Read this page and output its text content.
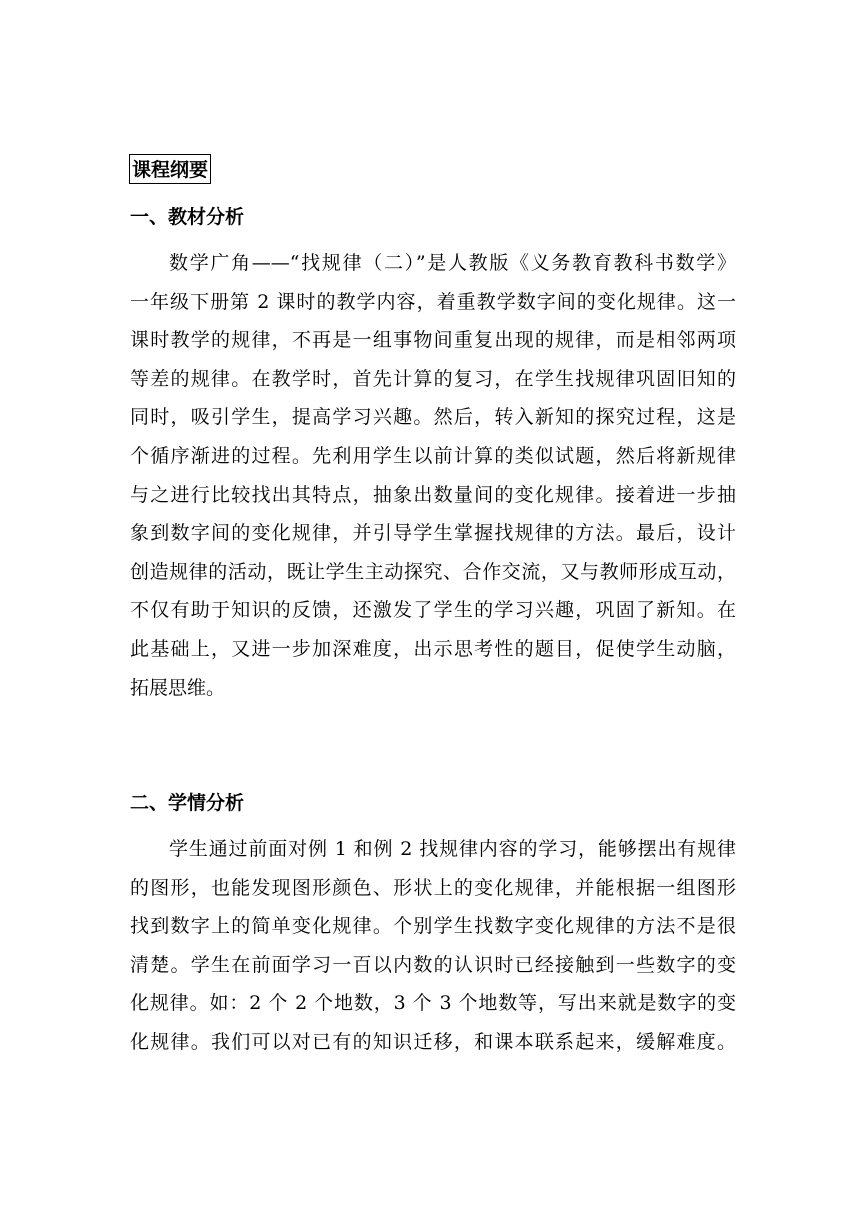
课程纲要
一、教材分析
数学广角——“找规律（二）”是人教版《义务教育教科书数学》
一年级下册第 2 课时的教学内容，着重教学数字间的变化规律。这一
课时教学的规律，不再是一组事物间重复出现的规律，而是相邻两项
等差的规律。在教学时，首先计算的复习，在学生找规律巩固旧知的
同时，吸引学生，提高学习兴趣。然后，转入新知的探究过程，这是
个循序渐进的过程。先利用学生以前计算的类似试题，然后将新规律
与之进行比较找出其特点，抽象出数量间的变化规律。接着进一步抽
象到数字间的变化规律，并引导学生掌握找规律的方法。最后，设计
创造规律的活动，既让学生主动探究、合作交流，又与教师形成互动，
不仅有助于知识的反馈，还激发了学生的学习兴趣，巩固了新知。在
此基础上，又进一步加深难度，出示思考性的题目，促使学生动脑，
拓展思维。
二、学情分析
学生通过前面对例 1 和例 2 找规律内容的学习，能够摆出有规律
的图形，也能发现图形颜色、形状上的变化规律，并能根据一组图形
找到数字上的简单变化规律。个别学生找数字变化规律的方法不是很
清楚。学生在前面学习一百以内数的认识时已经接触到一些数字的变
化规律。如：2 个 2 个地数，3 个 3 个地数等，写出来就是数字的变
化规律。我们可以对已有的知识迁移，和课本联系起来，缓解难度。
